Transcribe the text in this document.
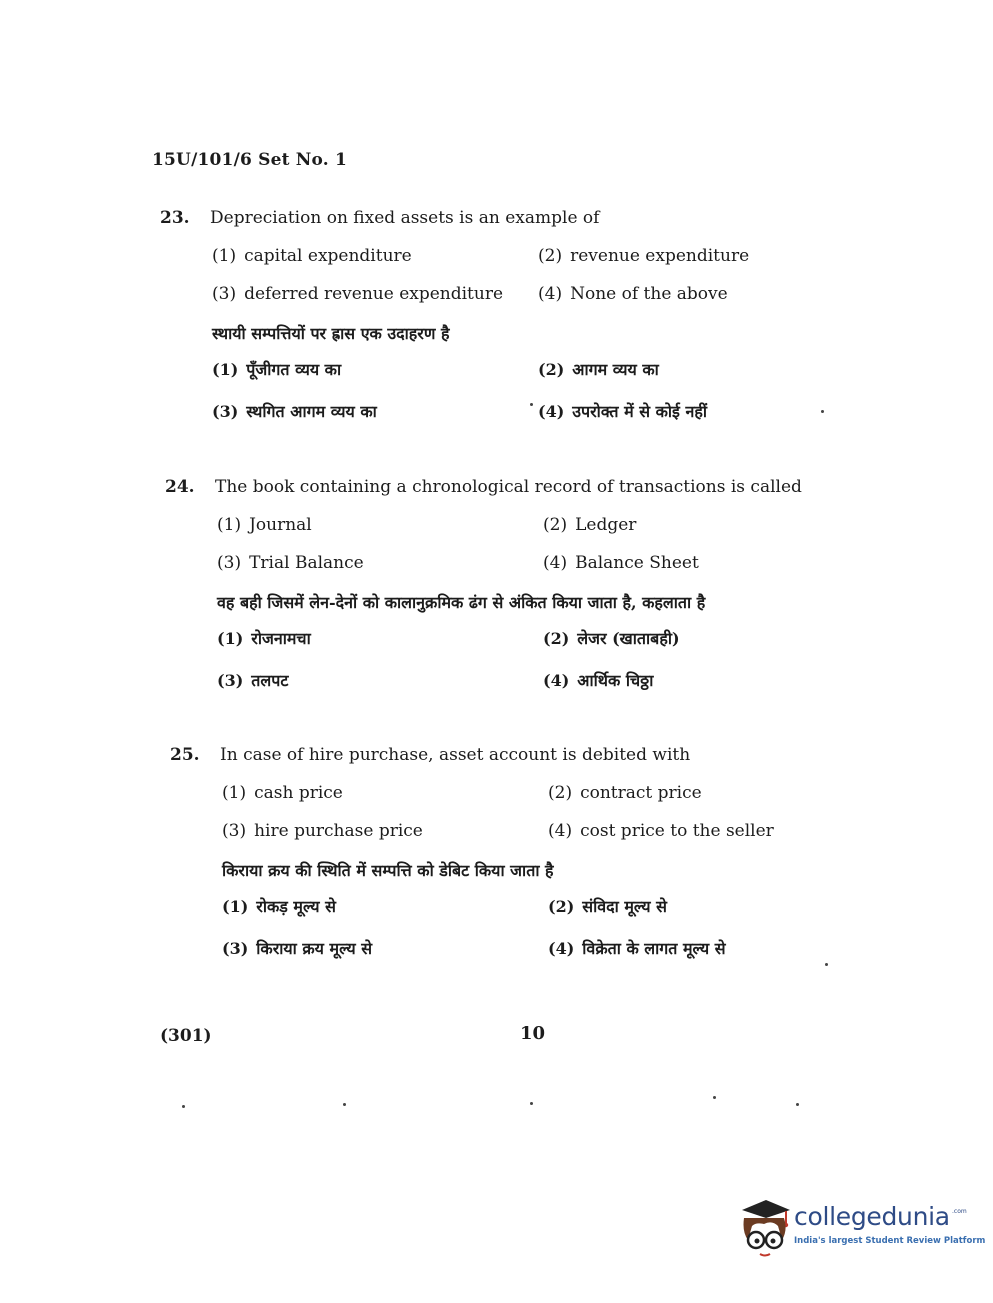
15U/101/6 Set No. 1
23. Depreciation on fixed assets is an example of
(1) capital expenditure	(2) revenue expenditure
(3) deferred revenue expenditure (4) None of the above
स्थायी सम्पत्तियों पर ह्रास एक उदाहरण है
(1) पूँजीगत व्यय का	(2) आगम व्यय का
(3) स्थगित आगम व्यय का	(4) उपरोक्त में से कोई नहीं
24. The book containing a chronological record of transactions is called
(1) Journal	(2) Ledger
(3) Trial Balance	(4) Balance Sheet
वह बही जिसमें लेन-देनों को कालानुक्रमिक ढंग से अंकित किया जाता है, कहलाता है
(1) रोजनामचा	(2) लेजर (खाताबही)
(3) तलपट	(4) आर्थिक चिठ्ठा
25. In case of hire purchase, asset account is debited with
(1) cash price	(2) contract price
(3) hire purchase price	(4) cost price to the seller
किराया क्रय की स्थिति में सम्पत्ति को डेबिट किया जाता है
(1) रोकड़ मूल्य से	(2) संविदा मूल्य से
(3) किराया क्रय मूल्य से	(4) विक्रेता के लागत मूल्य से
(301)	10
collegedunia .com
India's largest Student Review Platform
